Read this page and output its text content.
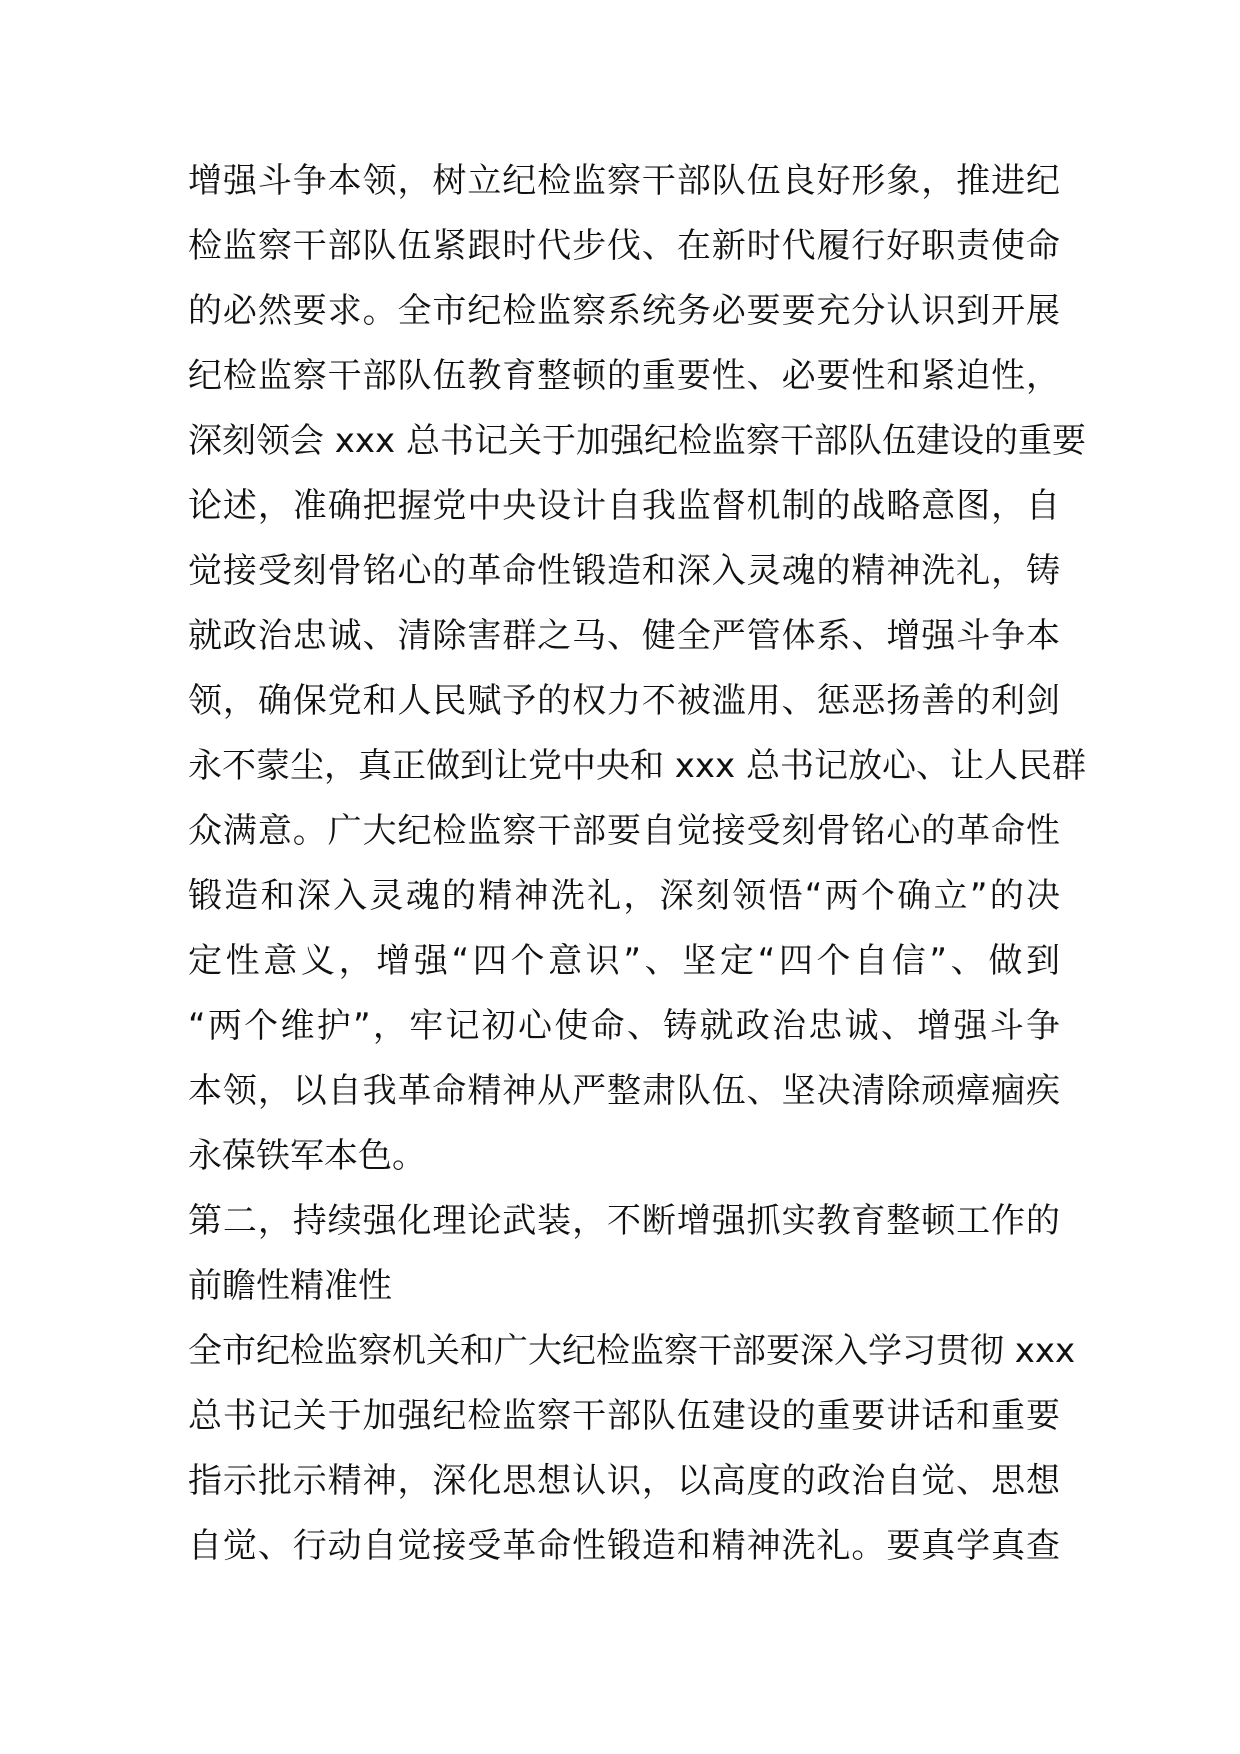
增强斗争本领，树立纪检监察干部队伍良好形象，推进纪
检监察干部队伍紧跟时代步伐、在新时代履行好职责使命
的必然要求。全市纪检监察系统务必要要充分认识到开展
纪检监察干部队伍教育整顿的重要性、必要性和紧迫性，
深刻领会 xxx 总书记关于加强纪检监察干部队伍建设的重要
论述，准确把握党中央设计自我监督机制的战略意图，自
觉接受刻骨铭心的革命性锻造和深入灵魂的精神洗礼，铸
就政治忠诚、清除害群之马、健全严管体系、增强斗争本
领，确保党和人民赋予的权力不被滥用、惩恶扬善的利剑
永不蒙尘，真正做到让党中央和 xxx 总书记放心、让人民群
众满意。广大纪检监察干部要自觉接受刻骨铭心的革命性
锻造和深入灵魂的精神洗礼，深刻领悟“两个确立”的决
定性意义，增强“四个意识”、坚定“四个自信”、做到
“两个维护”，牢记初心使命、铸就政治忠诚、增强斗争
本领，以自我革命精神从严整肃队伍、坚决清除顽瘴痼疾
永葆铁军本色。
第二，持续强化理论武装，不断增强抓实教育整顿工作的
前瞻性精准性
全市纪检监察机关和广大纪检监察干部要深入学习贯彻 xxx
总书记关于加强纪检监察干部队伍建设的重要讲话和重要
指示批示精神，深化思想认识，以高度的政治自觉、思想
自觉、行动自觉接受革命性锻造和精神洗礼。要真学真查
